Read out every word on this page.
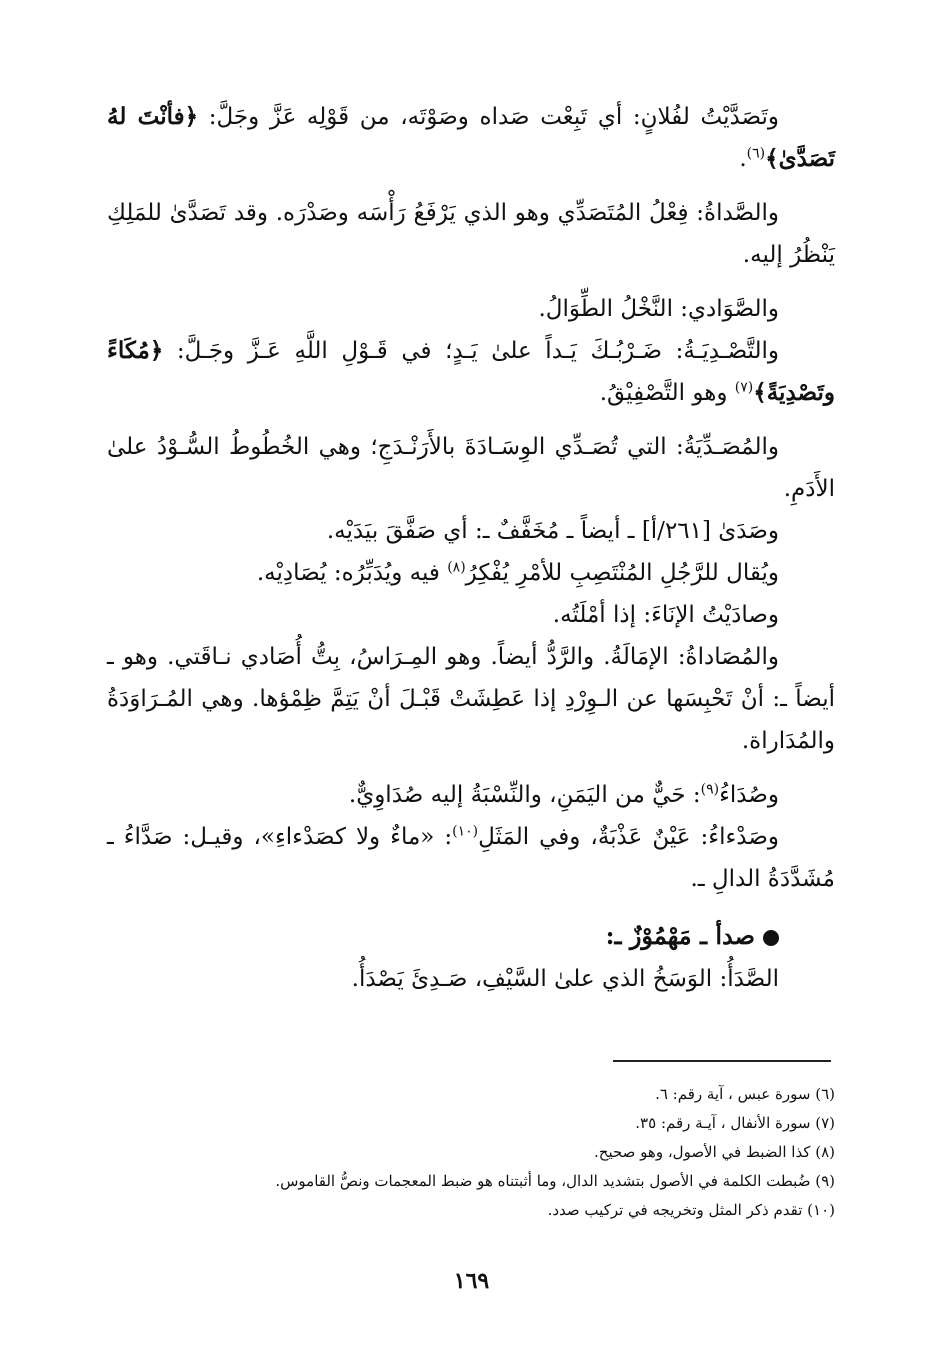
وتَصَدَّيْتُ لفُلانٍ: أي تَبِعْت صَداه وصَوْتَه، من قَوْلِه عَزَّ وجَلَّ: ﴿فأنْتَ لهُ تَصَدَّىٰ﴾$^{(٦)}$.

والصَّداةُ: فِعْلُ المُتَصَدِّي وهو الذي يَرْفَعُ رَأْسَه وصَدْرَه. وقد تَصَدَّىٰ للمَلِكِ يَنْظُرُ إليه.

والصَّوَادي: النَّخْلُ الطِّوَالُ.

والتَّصْـدِيَـةُ: ضَـرْبُـكَ يَـداً علىٰ يَـدٍ؛ في قَـوْلِ اللَّهِ عَـزَّ وجَـلَّ: ﴿مُكَاءً وتَصْدِيَةً﴾$^{(٧)}$ وهو التَّصْفِيْقُ.

والمُصَـدِّيَةُ: التي تُصَـدِّي الوِسَـادَةَ بالأَرَنْـدَجِ؛ وهي الخُطُوطُ السُّـوْدُ علىٰ الأَدَمِ.

وصَدَىٰ [٢٦١/أ] ـ أيضاً ـ مُخَفَّفٌ ـ: أي صَفَّقَ بيَدَيْه.

ويُقال للرَّجُلِ المُنْتَصِبِ للأمْرِ يُفْكِرُ$^{(٨)}$ فيه ويُدَبِّرُه: يُصَادِيْه.

وصادَيْتُ الإنَاءَ: إذا أمْلَتُه.

والمُصَاداةُ: الإمَالَةُ. والرَّدُّ أيضاً. وهو المِـرَاسُ، بِتُّ أُصَادي نـاقَتي. وهو ـ أيضاً ـ: أنْ تَحْبِسَها عن الـوِرْدِ إذا عَطِشَتْ قَبْـلَ أنْ يَتِمَّ ظِمْؤها. وهي المُـرَاوَدَةُ والمُدَاراة.

وصُدَاءُ$^{(٩)}$: حَيٌّ من اليَمَنِ، والنِّسْبَةُ إليه صُدَاوِيٌّ.

وصَدْءاءُ: عَيْنٌ عَذْبَةٌ، وفي المَثَلِ$^{(١٠)}$: «ماءٌ ولا كصَدْءاءِ»، وقيـل: صَدَّاءُ ـ مُشَدَّدَةُ الدالِ ـ.

صدأ ـ مَهْمُوْزٌ ـ:

الصَّدَأُ: الوَسَخُ الذي علىٰ السَّيْفِ، صَـدِئَ يَصْدَأُ.

(٦) سورة عبس ، آية رقم: ٦.

(٧) سورة الأنفال ، آيـة رقم: ٣٥.

(٨) كذا الضبط في الأصول، وهو صحيح.

(٩) ضُبطت الكلمة في الأصول بتشديد الدال، وما أثبتناه هو ضبط المعجمات ونصُّ القاموس.

(١٠) تقدم ذكر المثل وتخريجه في تركيب صدد.

١٦٩
